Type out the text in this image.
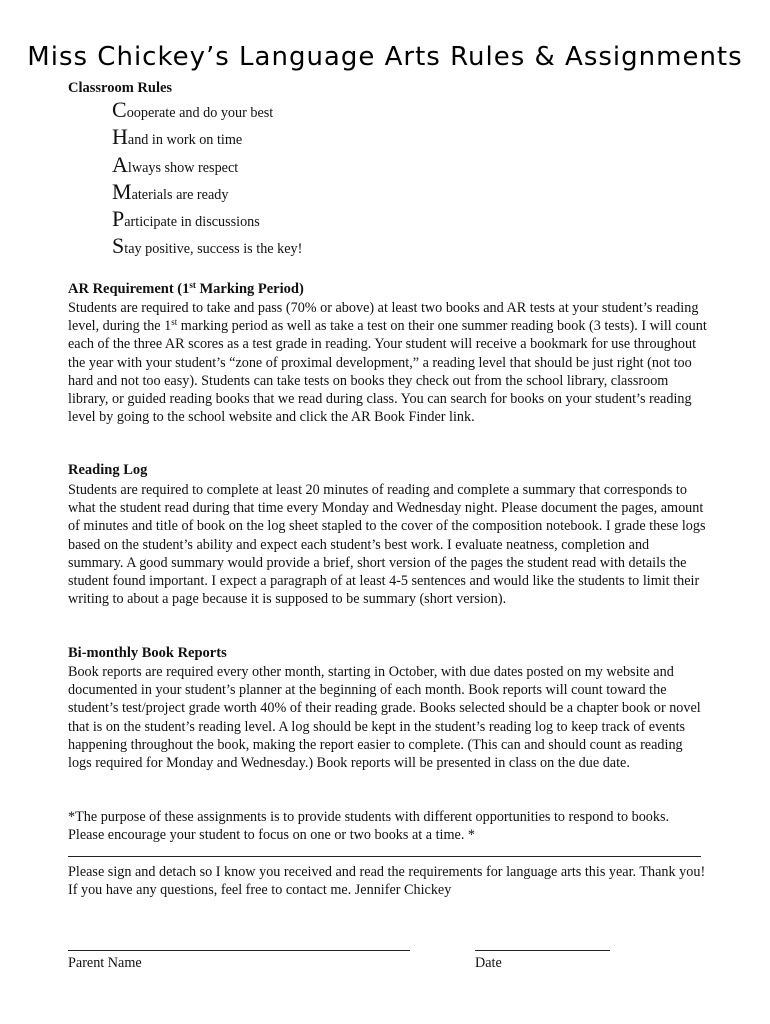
Miss Chickey’s Language Arts Rules & Assignments
Classroom Rules
Cooperate and do your best
Hand in work on time
Always show respect
Materials are ready
Participate in discussions
Stay positive, success is the key!
AR Requirement (1st Marking Period)

Students are required to take and pass (70% or above) at least two books and AR tests at your student’s reading level, during the 1st marking period as well as take a test on their one summer reading book (3 tests). I will count each of the three AR scores as a test grade in reading. Your student will receive a bookmark for use throughout the year with your student’s “zone of proximal development,” a reading level that should be just right (not too hard and not too easy). Students can take tests on books they check out from the school library, classroom library, or guided reading books that we read during class. You can search for books on your student’s reading level by going to the school website and click the AR Book Finder link.

Reading Log

Students are required to complete at least 20 minutes of reading and complete a summary that corresponds to what the student read during that time every Monday and Wednesday night. Please document the pages, amount of minutes and title of book on the log sheet stapled to the cover of the composition notebook. I grade these logs based on the student’s ability and expect each student’s best work. I evaluate neatness, completion and summary. A good summary would provide a brief, short version of the pages the student read with details the student found important. I expect a paragraph of at least 4-5 sentences and would like the students to limit their writing to about a page because it is supposed to be summary (short version).

Bi-monthly Book Reports

Book reports are required every other month, starting in October, with due dates posted on my website and documented in your student’s planner at the beginning of each month. Book reports will count toward the student’s test/project grade worth 40% of their reading grade. Books selected should be a chapter book or novel that is on the student’s reading level. A log should be kept in the student’s reading log to keep track of events happening throughout the book, making the report easier to complete. (This can and should count as reading logs required for Monday and Wednesday.) Book reports will be presented in class on the due date.

*The purpose of these assignments is to provide students with different opportunities to respond to books. Please encourage your student to focus on one or two books at a time. *

Please sign and detach so I know you received and read the requirements for language arts this year. Thank you! If you have any questions, feel free to contact me. Jennifer Chickey

Parent Name	Date
